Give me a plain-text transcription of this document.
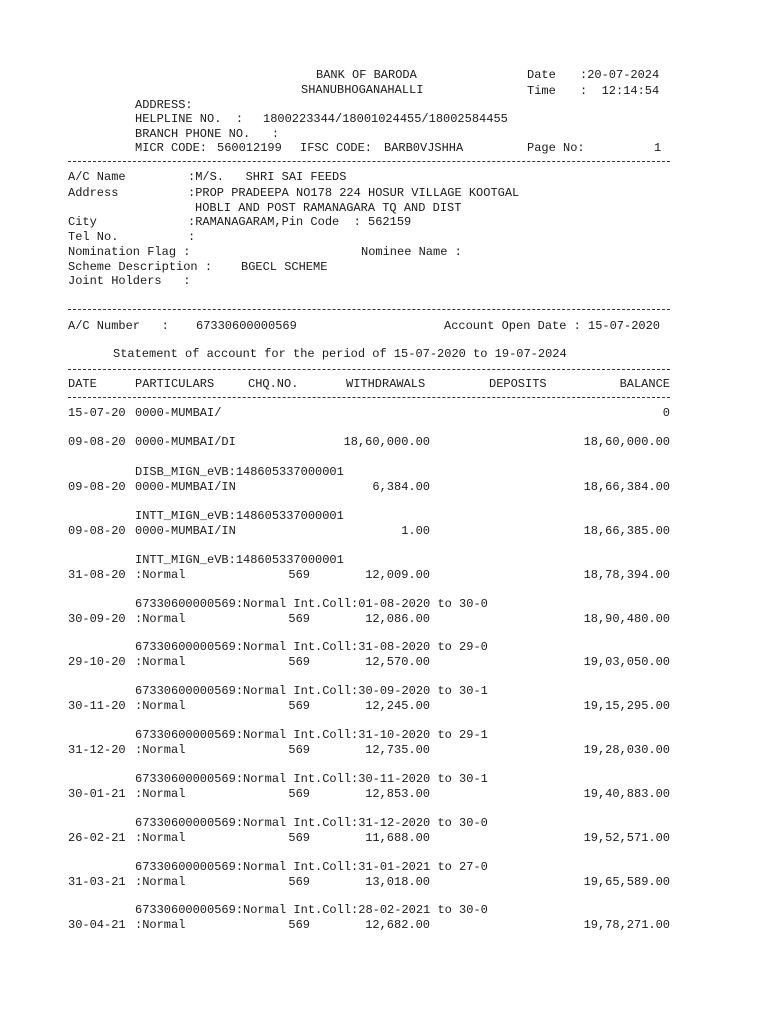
BANK OF BARODA
SHANUBHOGANAHALLI
Date :20-07-2024
Time :  12:14:54
ADDRESS:
HELPLINE NO.  : 1800223344/18001024455/18002584455
BRANCH PHONE NO.   :
MICR CODE: 560012199 IFSC CODE: BARB0VJSHHA	Page No:	1
A/C Name	:M/S.   SHRI SAI FEEDS
Address	:PROP PRADEEPA NO178 224 HOSUR VILLAGE KOOTGAL
HOBLI AND POST RAMANAGARA TQ AND DIST
City	:RAMANAGARAM,Pin Code  : 562159
Tel No.	:
Nomination Flag :	Nominee Name :
Scheme Description : BGECL SCHEME
Joint Holders   :
A/C Number   : 67330600000569	Account Open Date : 15-07-2020
Statement of account for the period of 15-07-2020 to 19-07-2024
DATE	PARTICULARS	CHQ.NO.	WITHDRAWALS	DEPOSITS	BALANCE
15-07-20 0000-MUMBAI/	0
09-08-20 0000-MUMBAI/DI	18,60,000.00	18,60,000.00
DISB_MIGN_eVB:148605337000001
09-08-20 0000-MUMBAI/IN	6,384.00	18,66,384.00
INTT_MIGN_eVB:148605337000001
09-08-20 0000-MUMBAI/IN	1.00	18,66,385.00
INTT_MIGN_eVB:148605337000001
31-08-20 :Normal	569	12,009.00	18,78,394.00
67330600000569:Normal Int.Coll:01-08-2020 to 30-0
30-09-20 :Normal	569	12,086.00	18,90,480.00
67330600000569:Normal Int.Coll:31-08-2020 to 29-0
29-10-20 :Normal	569	12,570.00	19,03,050.00
67330600000569:Normal Int.Coll:30-09-2020 to 30-1
30-11-20 :Normal	569	12,245.00	19,15,295.00
67330600000569:Normal Int.Coll:31-10-2020 to 29-1
31-12-20 :Normal	569	12,735.00	19,28,030.00
67330600000569:Normal Int.Coll:30-11-2020 to 30-1
30-01-21 :Normal	569	12,853.00	19,40,883.00
67330600000569:Normal Int.Coll:31-12-2020 to 30-0
26-02-21 :Normal	569	11,688.00	19,52,571.00
67330600000569:Normal Int.Coll:31-01-2021 to 27-0
31-03-21 :Normal	569	13,018.00	19,65,589.00
67330600000569:Normal Int.Coll:28-02-2021 to 30-0
30-04-21 :Normal	569	12,682.00	19,78,271.00
